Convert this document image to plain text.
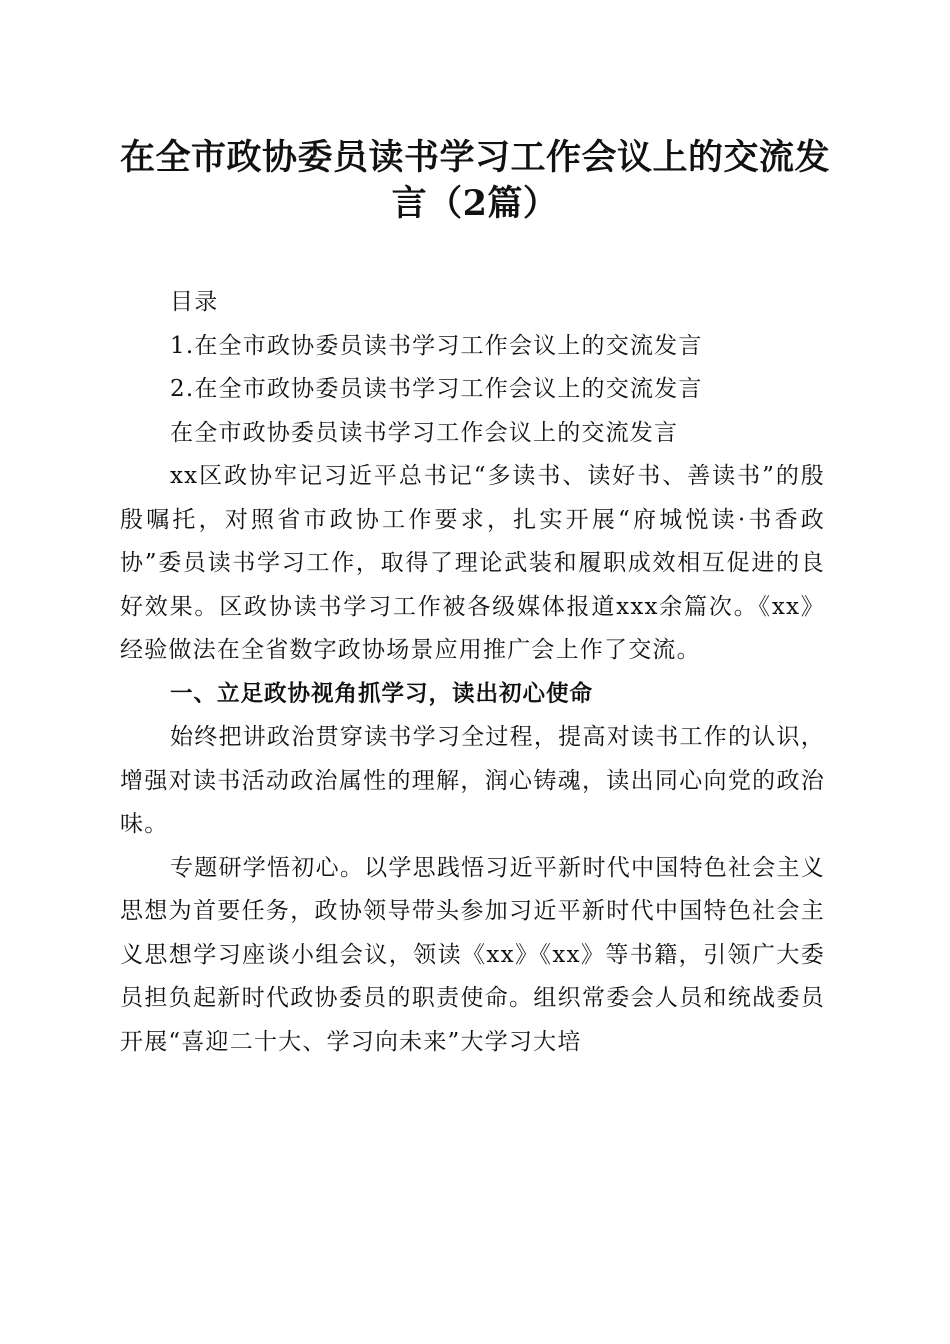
在全市政协委员读书学习工作会议上的交流发言（2篇）

目录

1.在全市政协委员读书学习工作会议上的交流发言

2.在全市政协委员读书学习工作会议上的交流发言

在全市政协委员读书学习工作会议上的交流发言

xx区政协牢记习近平总书记“多读书、读好书、善读书”的殷殷嘱托，对照省市政协工作要求，扎实开展“府城悦读·书香政协”委员读书学习工作，取得了理论武装和履职成效相互促进的良好效果。区政协读书学习工作被各级媒体报道xxx余篇次。《xx》经验做法在全省数字政协场景应用推广会上作了交流。

一、立足政协视角抓学习，读出初心使命

始终把讲政治贯穿读书学习全过程，提高对读书工作的认识，增强对读书活动政治属性的理解，润心铸魂，读出同心向党的政治味。

专题研学悟初心。以学思践悟习近平新时代中国特色社会主义思想为首要任务，政协领导带头参加习近平新时代中国特色社会主义思想学习座谈小组会议，领读《xx》《xx》等书籍，引领广大委员担负起新时代政协委员的职责使命。组织常委会人员和统战委员开展“喜迎二十大、学习向未来”大学习大培
